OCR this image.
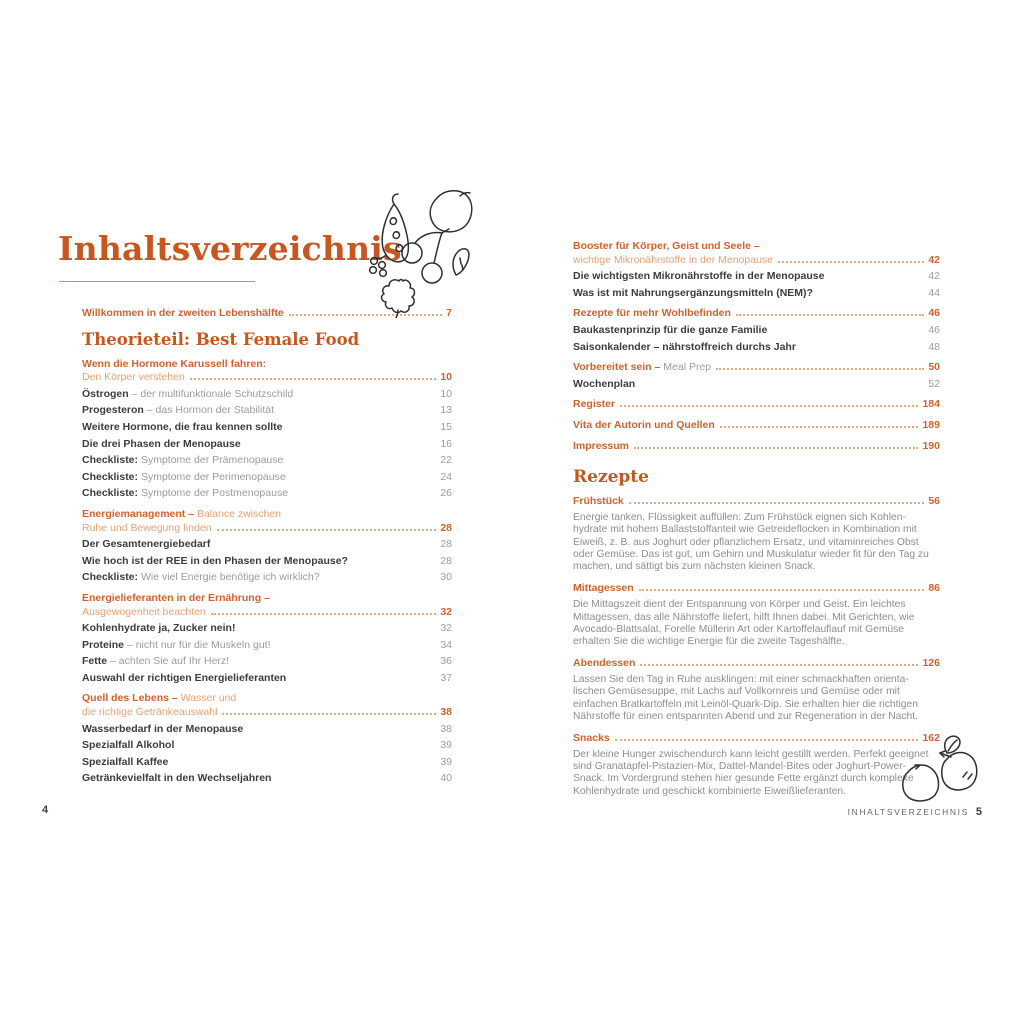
Inhaltsverzeichnis
Willkommen in der zweiten Lebenshälfte	7
Theorieteil: Best Female Food
Wenn die Hormone Karussell fahren:
Den Körper verstehen	10
Östrogen – der multifunktionale Schutzschild	10
Progesteron – das Hormon der Stabilität	13
Weitere Hormone, die frau kennen sollte	15
Die drei Phasen der Menopause	16
Checkliste: Symptome der Prämenopause	22
Checkliste: Symptome der Perimenopause	24
Checkliste: Symptome der Postmenopause	26
Energiemanagement – Balance zwischen
Ruhe und Bewegung finden	28
Der Gesamtenergiebedarf	28
Wie hoch ist der REE in den Phasen der Menopause?	28
Checkliste: Wie viel Energie benötige ich wirklich?	30
Energielieferanten in der Ernährung –
Ausgewogenheit beachten	32
Kohlenhydrate ja, Zucker nein!	32
Proteine – nicht nur für die Muskeln gut!	34
Fette – achten Sie auf Ihr Herz!	36
Auswahl der richtigen Energielieferanten	37
Quell des Lebens – Wasser und
die richtige Getränkeauswahl	38
Wasserbedarf in der Menopause	38
Spezialfall Alkohol	39
Spezialfall Kaffee	39
Getränkevielfalt in den Wechseljahren	40
Booster für Körper, Geist und Seele –
wichtige Mikronährstoffe in der Menopause	42
Die wichtigsten Mikronährstoffe in der Menopause	42
Was ist mit Nahrungsergänzungsmitteln (NEM)?	44
Rezepte für mehr Wohlbefinden	46
Baukastenprinzip für die ganze Familie	46
Saisonkalender – nährstoffreich durchs Jahr	48
Vorbereitet sein – Meal Prep	50
Wochenplan	52
Register	184
Vita der Autorin und Quellen	189
Impressum	190
Rezepte
Frühstück	56

Energie tanken, Flüssigkeit auffüllen: Zum Frühstück eignen sich Kohlenhydrate mit hohem Ballaststoffanteil wie Getreideflocken in Kombination mit Eiweiß, z. B. aus Joghurt oder pflanzlichem Ersatz, und vitaminreiches Obst oder Gemüse. Das ist gut, um Gehirn und Muskulatur wieder fit für den Tag zu machen, und sättigt bis zum nächsten kleinen Snack.

Mittagessen	86

Die Mittagszeit dient der Entspannung von Körper und Geist. Ein leichtes Mittagessen, das alle Nährstoffe liefert, hilft Ihnen dabei. Mit Gerichten, wie Avocado-Blattsalat, Forelle Müllerin Art oder Kartoffelauflauf mit Gemüse erhalten Sie die wichtige Energie für die zweite Tageshälfte.

Abendessen	126

Lassen Sie den Tag in Ruhe ausklingen: mit einer schmackhaften orientalischen Gemüsesuppe, mit Lachs auf Vollkornreis und Gemüse oder mit einfachen Bratkartoffeln mit Leinöl-Quark-Dip. Sie erhalten hier die richtigen Nährstoffe für einen entspannten Abend und zur Regeneration in der Nacht.

Snacks	162

Der kleine Hunger zwischendurch kann leicht gestillt werden. Perfekt geeignet sind Granatapfel-Pistazien-Mix, Dattel-Mandel-Bites oder Joghurt-Power-Snack. Im Vordergrund stehen hier gesunde Fette ergänzt durch komplexe Kohlenhydrate und geschickt kombinierte Eiweißlieferanten.

4	INHALTSVERZEICHNIS 5
